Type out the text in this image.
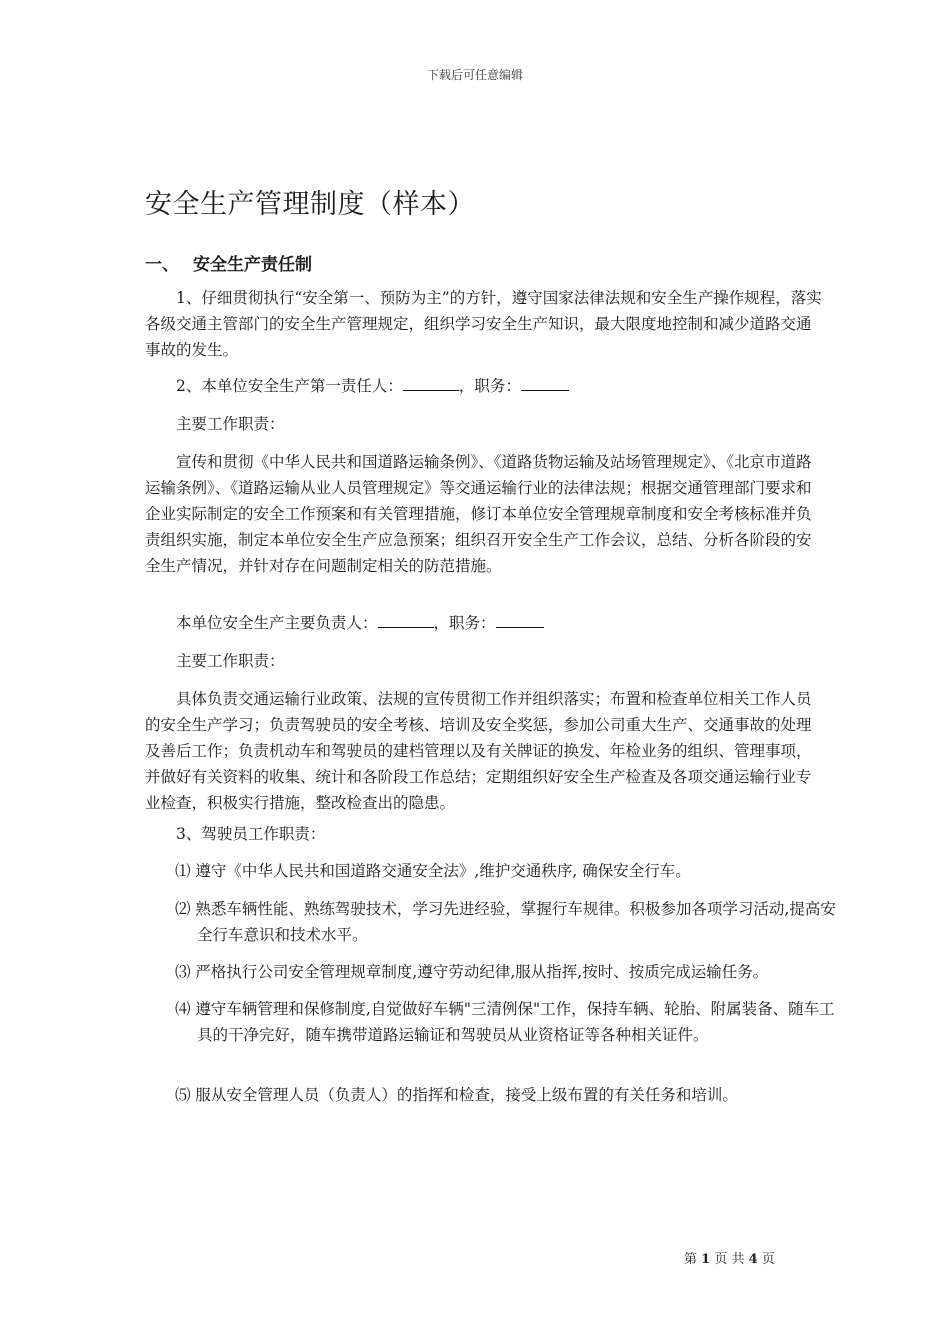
下载后可任意编辑
安全生产管理制度（样本）
一、 安全生产责任制

1、仔细贯彻执行“安全第一、预防为主”的方针，遵守国家法律法规和安全生产操作规程，落实各级交通主管部门的安全生产管理规定，组织学习安全生产知识，最大限度地控制和减少道路交通事故的发生。

2、本单位安全生产第一责任人：	，职务：

主要工作职责：

宣传和贯彻《中华人民共和国道路运输条例》、《道路货物运输及站场管理规定》、《北京市道路运输条例》、《道路运输从业人员管理规定》等交通运输行业的法律法规；根据交通管理部门要求和企业实际制定的安全工作预案和有关管理措施，修订本单位安全管理规章制度和安全考核标准并负责组织实施，制定本单位安全生产应急预案；组织召开安全生产工作会议，总结、分析各阶段的安全生产情况，并针对存在问题制定相关的防范措施。

本单位安全生产主要负责人：	，职务：

主要工作职责：

具体负责交通运输行业政策、法规的宣传贯彻工作并组织落实；布置和检查单位相关工作人员的安全生产学习；负责驾驶员的安全考核、培训及安全奖惩，参加公司重大生产、交通事故的处理及善后工作；负责机动车和驾驶员的建档管理以及有关牌证的换发、年检业务的组织、管理事项，并做好有关资料的收集、统计和各阶段工作总结；定期组织好安全生产检查及各项交通运输行业专业检查，积极实行措施，整改检查出的隐患。

3、驾驶员工作职责：

⑴ 遵守《中华人民共和国道路交通安全法》,维护交通秩序, 确保安全行车。

⑵ 熟悉车辆性能、熟练驾驶技术，学习先进经验，掌握行车规律。积极参加各项学习活动,提高安全行车意识和技术水平。

⑶ 严格执行公司安全管理规章制度,遵守劳动纪律,服从指挥,按时、按质完成运输任务。

⑷ 遵守车辆管理和保修制度,自觉做好车辆"三清例保"工作，保持车辆、轮胎、附属装备、随车工具的干净完好，随车携带道路运输证和驾驶员从业资格证等各种相关证件。

⑸ 服从安全管理人员（负责人）的指挥和检查，接受上级布置的有关任务和培训。

第 1 页 共 4 页
